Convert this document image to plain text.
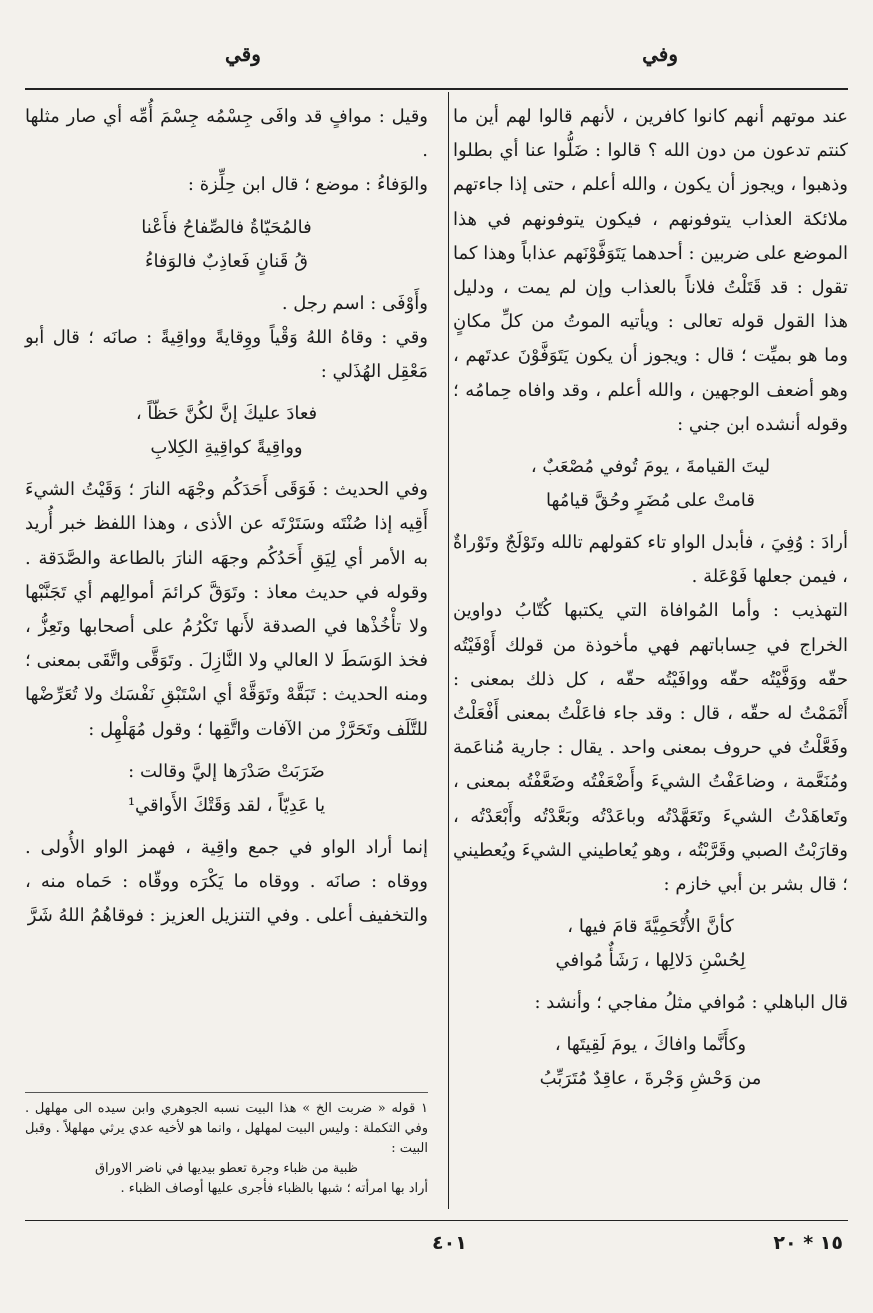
وفي
وقي

عند موتهم أنهم كانوا كافرين ، لأنهم قالوا لهم أين ما كنتم تدعون من دون الله ؟ قالوا : ضَلُّوا عنا أي بطلوا وذهبوا ، ويجوز أن يكون ، والله أعلم ، حتى إذا جاءتهم ملائكة العذاب يتوفونهم ، فيكون يتوفونهم في هذا الموضع على ضربين : أحدهما يَتَوَفَّوْنَهم عذاباً وهذا كما تقول : قد قَتَلْتُ فلاناً بالعذاب وإن لم يمت ، ودليل هذا القول قوله تعالى : ويأتيه الموتُ من كلِّ مكانٍ وما هو بميِّت ؛ قال : ويجوز أن يكون يَتَوَفَّوْنَ عدتَهم ، وهو أضعف الوجهين ، والله أعلم ، وقد وافاه حِمامُه ؛ وقوله أنشده ابن جني :

ليتَ القيامةَ ، يومَ تُوفي مُصْعَبٌ ،
قامتْ على مُضَرٍ وحُقَّ قيامُها

أرادَ : وُفِيَ ، فأبدل الواو تاء كقولهم تالله وتَوْلَجٌ وتَوْراةٌ ، فيمن جعلها فَوْعَلة .

التهذيب : وأما المُوافاة التي يكتبها كُتّابُ دواوين الخراج في حِساباتهم فهي مأخوذة من قولك أَوْفَيْتُه حقّه ووَفَّيْتُه حقّه ووافَيْتُه حقّه ، كل ذلك بمعنى : أَتْمَمْتُ له حقّه ، قال : وقد جاء فاعَلْتُ بمعنى أَفْعَلْتُ وفَعَّلْتُ في حروف بمعنى واحد . يقال : جارية مُناعَمة ومُنَعَّمة ، وضاعَفْتُ الشيءَ وأَضْعَفْتُه وضَعَّفْتُه بمعنى ، وتَعاهَدْتُ الشيءَ وتَعَهَّدْتُه وباعَدْتُه وبَعَّدْتُه وأَبْعَدْتُه ، وقارَبْتُ الصبي وقَرَّبْتُه ، وهو يُعاطيني الشيءَ ويُعطيني ؛ قال بشر بن أبي خازم :

كأنَّ الأُتْحَمِيَّةَ قامَ فيها ،
لِحُسْنِ دَلالِها ، رَشَأٌ مُوافي

قال الباهلي : مُوافي مثلُ مفاجي ؛ وأنشد :

وكأَنَّما وافاكَ ، يومَ لَقِيتَها ،
من وَحْشِ وَجْرةَ ، عاقِدٌ مُتَرَبِّبُ

وقيل : موافٍ قد وافَى جِسْمُه جِسْمَ أُمِّه أي صار مثلها .

والوَفاءُ : موضع ؛ قال ابن حِلِّزة :

فالمُحَيّاةُ فالصِّفاحُ فأَعْنا
قُ قَنانٍ فَعاذِبٌ فالوَفاءُ

وأَوْفَى : اسم رجل .

وقي : وقاهُ اللهُ وَقْياً ووِقايةً وواقِيةً : صانَه ؛ قال أبو مَعْقِل الهُذَلي :

فعادَ عليكَ إنَّ لكُنَّ حَظّاً ،
وواقِيةً كواقِيةِ الكِلابِ

وفي الحديث : فَوَقَى أَحَدَكُم وجْهَه النارَ ؛ وَقَيْتُ الشيءَ أَقِيه إذا صُنْتَه وسَتَرْتَه عن الأذى ، وهذا اللفظ خبر أُريد به الأمر أي لِيَقِ أَحَدُكُم وجهَه النارَ بالطاعة والصَّدَقة . وقوله في حديث معاذ : وتَوَقَّ كرائمَ أموالِهم أي تَجَنَّبْها ولا تأْخُذْها في الصدقة لأَنها تَكْرُمُ على أصحابها وتَعِزُّ ، فخذ الوَسَطَ لا العالي ولا النَّازِلَ . وتَوَقَّى واتَّقَى بمعنى ؛ ومنه الحديث : تَبَقَّهْ وتَوَقَّهْ أي اسْتَبْقِ نَفْسَك ولا تُعَرِّضْها للتَّلَف وتَحَرَّزْ من الآفات واتَّقِها ؛ وقول مُهَلْهِل :

ضَرَبَتْ صَدْرَها إليَّ وقالت :
يا عَدِيّاً ، لقد وَقَتْكَ الأَواقي¹

إنما أراد الواو في جمع واقِية ، فهمز الواو الأُولى . ووقاه : صانَه . ووقاه ما يَكْرَه ووقّاه : حَماه منه ، والتخفيف أعلى . وفي التنزيل العزيز : فوقاهُمُ اللهُ شَرَّ

١ قوله « ضربت الخ » هذا البيت نسبه الجوهري وابن سيده الى مهلهل . وفي التكملة : وليس البيت لمهلهل ، وانما هو لأخيه عدي يرثي مهلهلاً . وقبل البيت :

ظبية من ظباء وجرة تعطو بيديها في ناضر الاوراق

أراد بها امرأته ؛ شبها بالظباء فأجرى عليها أوصاف الظباء .

٤٠١	١٥ * ٢٠
